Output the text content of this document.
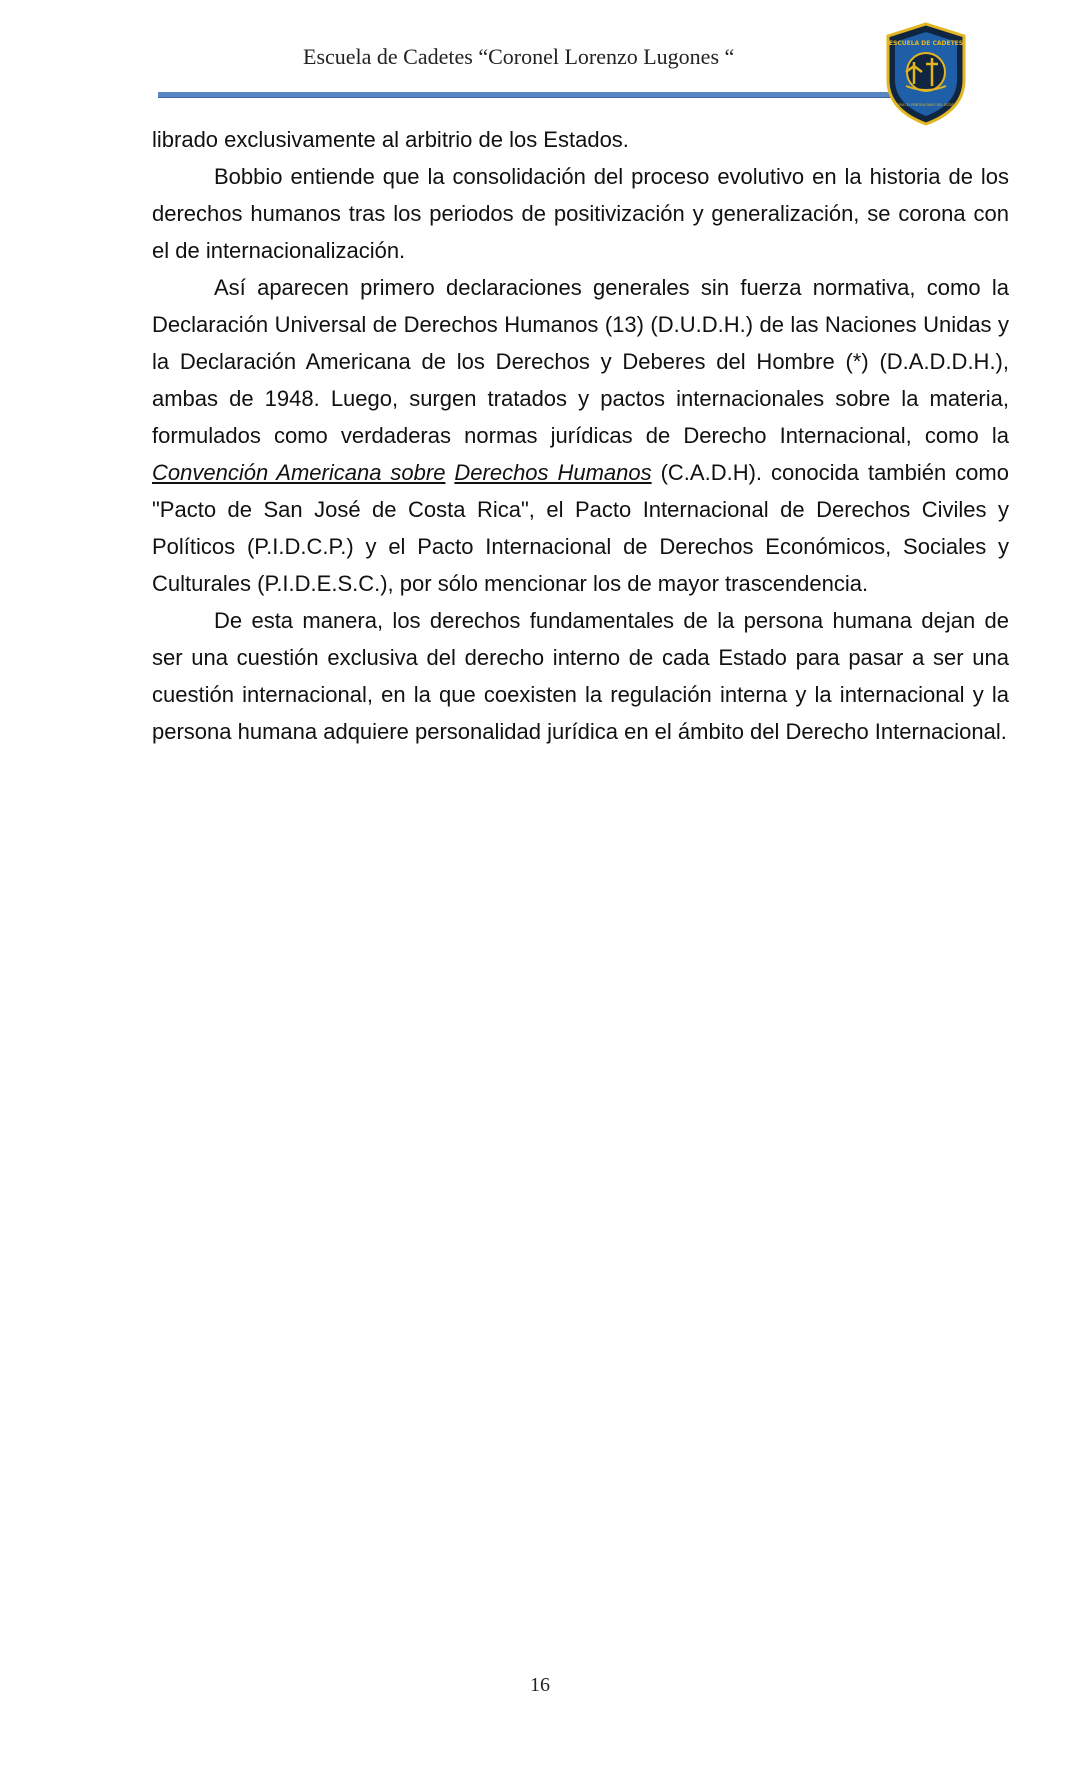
Escuela de Cadetes “Coronel Lorenzo Lugones “
ESCUELA DE CADETES
SERVICIO PENITENCIARIO DEL ESTADO

librado exclusivamente al arbitrio de los Estados.

Bobbio entiende que la consolidación del proceso evolutivo en la historia de los derechos humanos tras los periodos de positivización y generalización, se corona con el de internacionalización.

Así aparecen primero declaraciones generales sin fuerza normativa, como la Declaración Universal de Derechos Humanos (13) (D.U.D.H.) de las Naciones Unidas y la Declaración Americana de los Derechos y Deberes del Hombre (*) (D.A.D.D.H.), ambas de 1948. Luego, surgen tratados y pactos internacionales sobre la materia, formulados como verdaderas normas jurídicas de Derecho Internacional, como la Convención Americana sobre Derechos Humanos (C.A.D.H). conocida también como "Pacto de San José de Costa Rica", el Pacto Internacional de Derechos Civiles y Políticos (P.I.D.C.P.) y el Pacto Internacional de Derechos Económicos, Sociales y Culturales (P.I.D.E.S.C.), por sólo mencionar los de mayor trascendencia.

De esta manera, los derechos fundamentales de la persona humana dejan de ser una cuestión exclusiva del derecho interno de cada Estado para pasar a ser una cuestión internacional, en la que coexisten la regulación interna y la internacional y la persona humana adquiere personalidad jurídica en el ámbito del Derecho Internacional.

16
